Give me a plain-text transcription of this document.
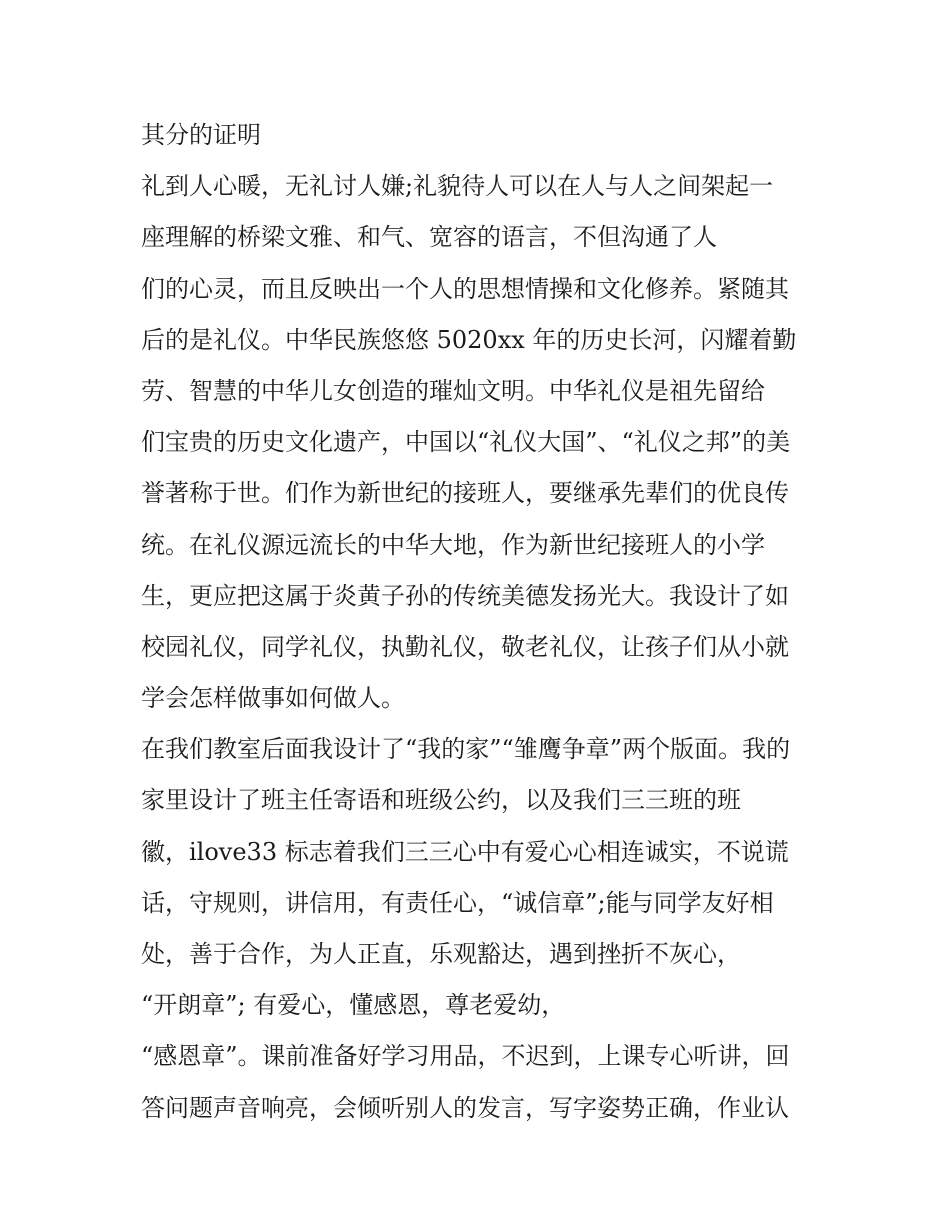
其分的证明
礼到人心暖，无礼讨人嫌;礼貌待人可以在人与人之间架起一
座理解的桥梁文雅、和气、宽容的语言，不但沟通了人
们的心灵，而且反映出一个人的思想情操和文化修养。紧随其
后的是礼仪。中华民族悠悠 5020xx 年的历史长河，闪耀着勤
劳、智慧的中华儿女创造的璀灿文明。中华礼仪是祖先留给
们宝贵的历史文化遗产，中国以“礼仪大国”、“礼仪之邦”的美
誉著称于世。们作为新世纪的接班人，要继承先辈们的优良传
统。在礼仪源远流长的中华大地，作为新世纪接班人的小学
生，更应把这属于炎黄子孙的传统美德发扬光大。我设计了如
校园礼仪，同学礼仪，执勤礼仪，敬老礼仪，让孩子们从小就
学会怎样做事如何做人。
在我们教室后面我设计了“我的家”“雏鹰争章”两个版面。我的
家里设计了班主任寄语和班级公约，以及我们三三班的班
徽，ilove33 标志着我们三三心中有爱心心相连诚实，不说谎
话，守规则，讲信用，有责任心，“诚信章”;能与同学友好相
处，善于合作，为人正直，乐观豁达，遇到挫折不灰心，
“开朗章”; 有爱心，懂感恩，尊老爱幼，
“感恩章”。课前准备好学习用品，不迟到，上课专心听讲，回
答问题声音响亮，会倾听别人的发言，写字姿势正确，作业认
